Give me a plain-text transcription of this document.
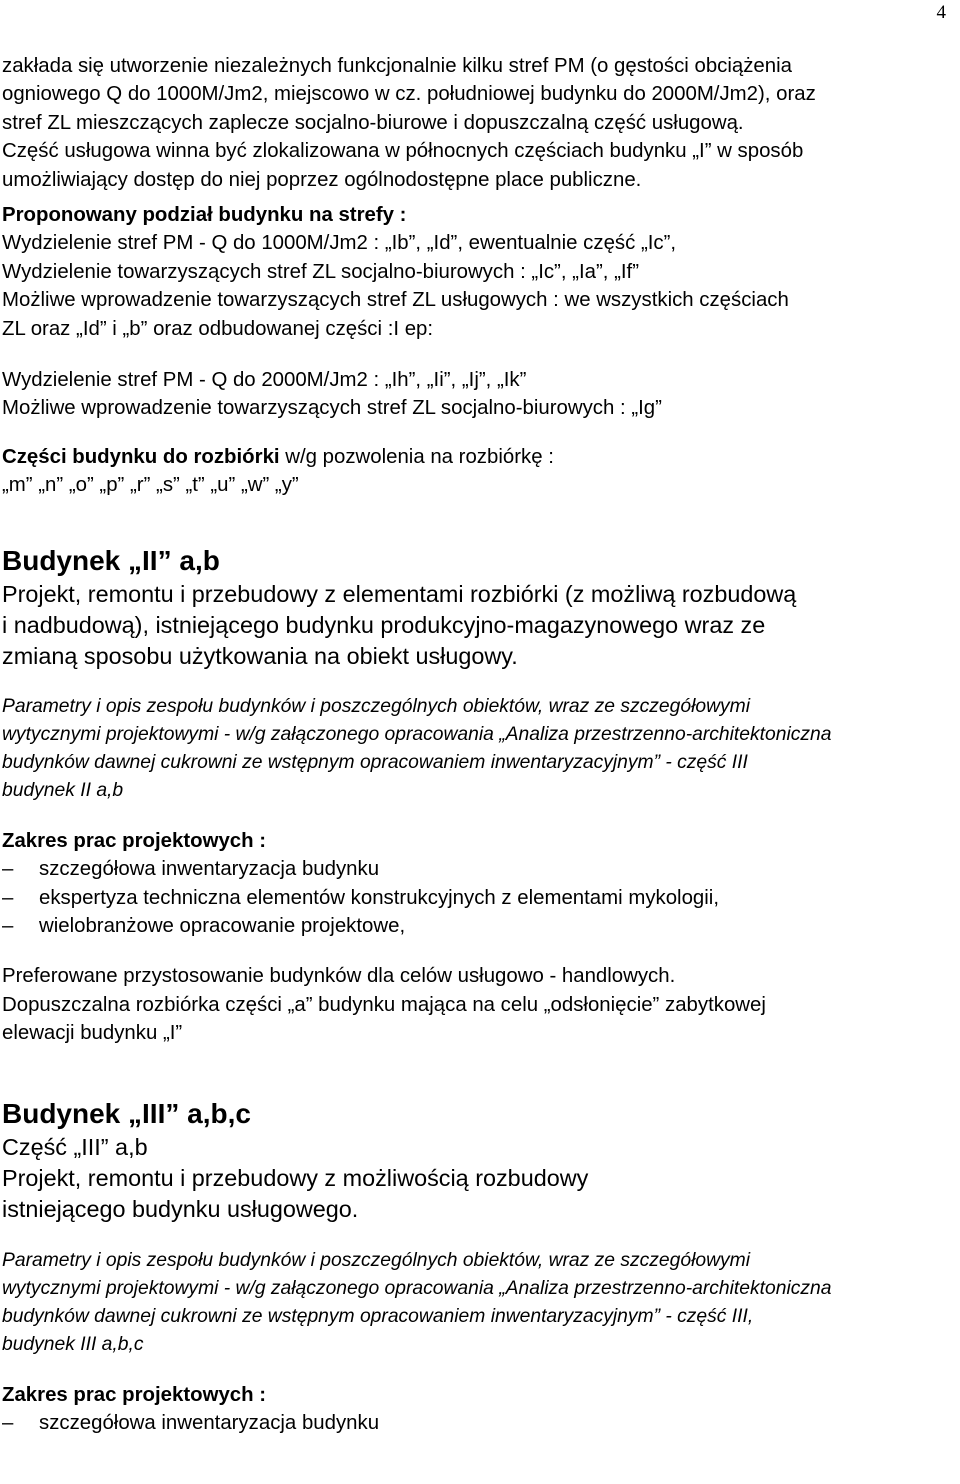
4

zakłada się utworzenie niezależnych funkcjonalnie kilku stref PM (o gęstości obciążenia

ogniowego Q do 1000M/Jm2, miejscowo w cz. południowej budynku do 2000M/Jm2), oraz

stref ZL mieszczących zaplecze socjalno-biurowe i dopuszczalną część usługową.

Część usługowa winna być zlokalizowana w północnych częściach budynku „I” w sposób

umożliwiający dostęp do niej poprzez ogólnodostępne place publiczne.

Proponowany podział budynku na strefy :

Wydzielenie stref PM - Q do 1000M/Jm2 : „Ib”, „Id”, ewentualnie część „Ic”,

Wydzielenie towarzyszących stref ZL socjalno-biurowych : „Ic”, „Ia”, „If”

Możliwe wprowadzenie towarzyszących stref ZL usługowych : we wszystkich częściach

ZL oraz „Id” i „b” oraz odbudowanej części :I ep:

Wydzielenie stref PM - Q do 2000M/Jm2 : „Ih”, „Ii”, „Ij”, „Ik”

Możliwe wprowadzenie towarzyszących stref ZL socjalno-biurowych : „Ig”

Części budynku do rozbiórki w/g pozwolenia na rozbiórkę :

„m” „n” „o” „p” „r” „s” „t” „u” „w” „y”

Budynek „II” a,b

Projekt, remontu i przebudowy z elementami rozbiórki (z możliwą rozbudową

i nadbudową), istniejącego budynku produkcyjno-magazynowego wraz ze

zmianą sposobu użytkowania na obiekt usługowy.

Parametry i opis zespołu budynków i poszczególnych obiektów, wraz ze szczegółowymi

wytycznymi projektowymi - w/g załączonego opracowania „Analiza przestrzenno-architektoniczna

budynków dawnej cukrowni ze wstępnym opracowaniem inwentaryzacyjnym” - część III

budynek II a,b

Zakres prac projektowych :

– szczegółowa inwentaryzacja budynku
– ekspertyza techniczna elementów konstrukcyjnych z elementami mykologii,
– wielobranżowe opracowanie projektowe,

Preferowane przystosowanie budynków dla celów usługowo - handlowych.

Dopuszczalna rozbiórka części „a” budynku mająca na celu „odsłonięcie” zabytkowej

elewacji budynku „I”

Budynek „III” a,b,c

Część „III” a,b

Projekt, remontu i przebudowy z możliwością rozbudowy

istniejącego budynku usługowego.

Parametry i opis zespołu budynków i poszczególnych obiektów, wraz ze szczegółowymi

wytycznymi projektowymi - w/g załączonego opracowania „Analiza przestrzenno-architektoniczna

budynków dawnej cukrowni ze wstępnym opracowaniem inwentaryzacyjnym” - część III,

budynek III a,b,c

Zakres prac projektowych :

– szczegółowa inwentaryzacja budynku
